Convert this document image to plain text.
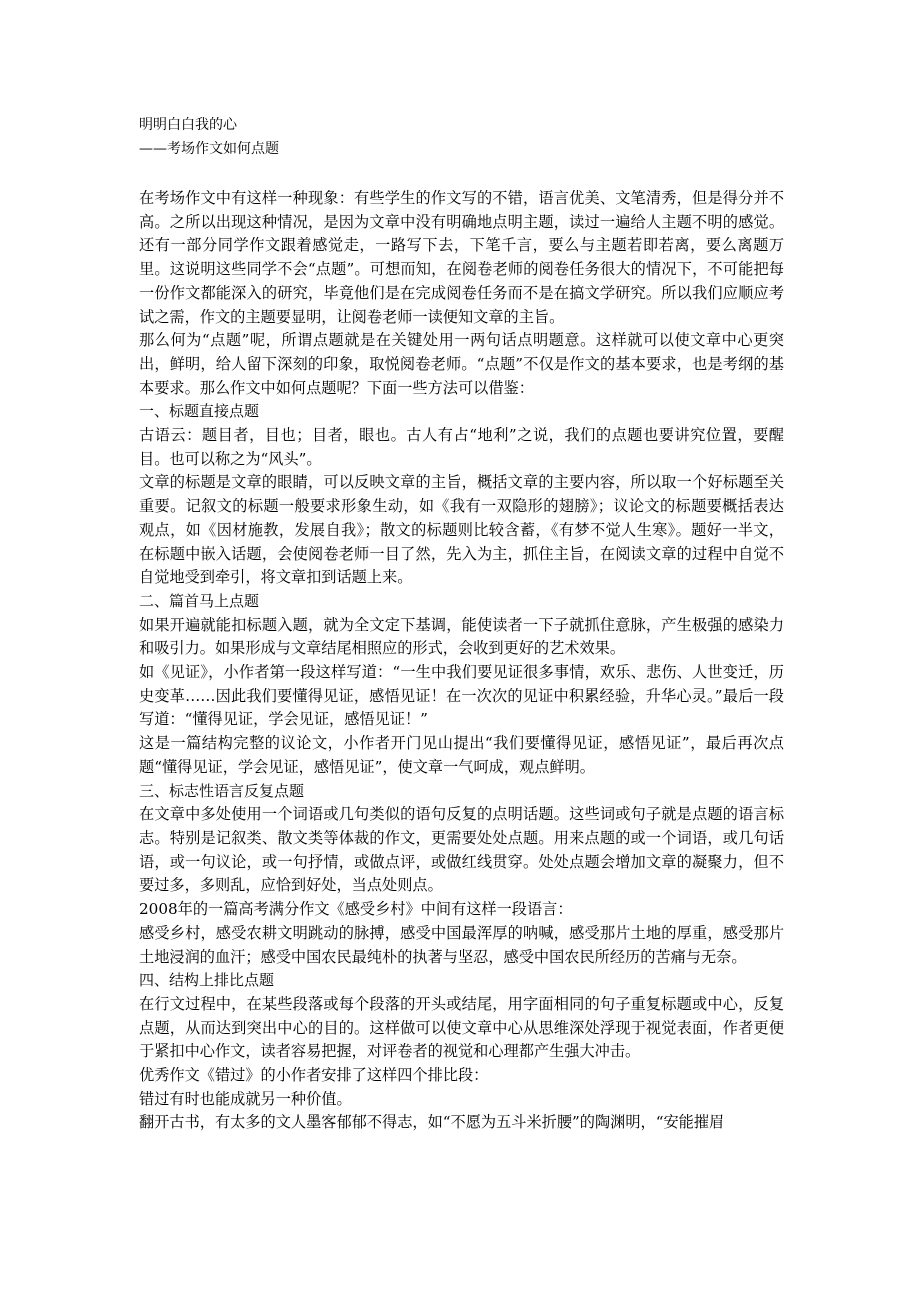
明明白白我的心
——考场作文如何点题

在考场作文中有这样一种现象：有些学生的作文写的不错，语言优美、文笔清秀，但是得分并不高。之所以出现这种情况，是因为文章中没有明确地点明主题，读过一遍给人主题不明的感觉。还有一部分同学作文跟着感觉走，一路写下去，下笔千言，要么与主题若即若离，要么离题万里。这说明这些同学不会“点题”。可想而知，在阅卷老师的阅卷任务很大的情况下，不可能把每一份作文都能深入的研究，毕竟他们是在完成阅卷任务而不是在搞文学研究。所以我们应顺应考试之需，作文的主题要显明，让阅卷老师一读便知文章的主旨。

那么何为“点题”呢，所谓点题就是在关键处用一两句话点明题意。这样就可以使文章中心更突出，鲜明，给人留下深刻的印象，取悦阅卷老师。“点题”不仅是作文的基本要求，也是考纲的基本要求。那么作文中如何点题呢？下面一些方法可以借鉴：

一、标题直接点题

古语云：题目者，目也；目者，眼也。古人有占“地利”之说，我们的点题也要讲究位置，要醒目。也可以称之为“风头”。

文章的标题是文章的眼睛，可以反映文章的主旨，概括文章的主要内容，所以取一个好标题至关重要。记叙文的标题一般要求形象生动，如《我有一双隐形的翅膀》；议论文的标题要概括表达观点，如《因材施教，发展自我》；散文的标题则比较含蓄，《有梦不觉人生寒》。题好一半文，在标题中嵌入话题，会使阅卷老师一目了然，先入为主，抓住主旨，在阅读文章的过程中自觉不自觉地受到牵引，将文章扣到话题上来。

二、篇首马上点题

如果开遍就能扣标题入题，就为全文定下基调，能使读者一下子就抓住意脉，产生极强的感染力和吸引力。如果形成与文章结尾相照应的形式，会收到更好的艺术效果。

如《见证》，小作者第一段这样写道：“一生中我们要见证很多事情，欢乐、悲伤、人世变迁，历史变革……因此我们要懂得见证，感悟见证！在一次次的见证中积累经验，升华心灵。”最后一段写道：“懂得见证，学会见证，感悟见证！”

这是一篇结构完整的议论文，小作者开门见山提出“我们要懂得见证，感悟见证”，最后再次点题“懂得见证，学会见证，感悟见证”，使文章一气呵成，观点鲜明。

三、标志性语言反复点题

在文章中多处使用一个词语或几句类似的语句反复的点明话题。这些词或句子就是点题的语言标志。特别是记叙类、散文类等体裁的作文，更需要处处点题。用来点题的或一个词语，或几句话语，或一句议论，或一句抒情，或做点评，或做红线贯穿。处处点题会增加文章的凝聚力，但不要过多，多则乱，应恰到好处，当点处则点。

2008年的一篇高考满分作文《感受乡村》中间有这样一段语言：

感受乡村，感受农耕文明跳动的脉搏，感受中国最浑厚的呐喊，感受那片土地的厚重，感受那片土地浸润的血汗；感受中国农民最纯朴的执著与坚忍，感受中国农民所经历的苦痛与无奈。

四、结构上排比点题

在行文过程中，在某些段落或每个段落的开头或结尾，用字面相同的句子重复标题或中心，反复点题，从而达到突出中心的目的。这样做可以使文章中心从思维深处浮现于视觉表面，作者更便于紧扣中心作文，读者容易把握，对评卷者的视觉和心理都产生强大冲击。

优秀作文《错过》的小作者安排了这样四个排比段：

错过有时也能成就另一种价值。

翻开古书，有太多的文人墨客郁郁不得志，如“不愿为五斗米折腰”的陶渊明，“安能摧眉
